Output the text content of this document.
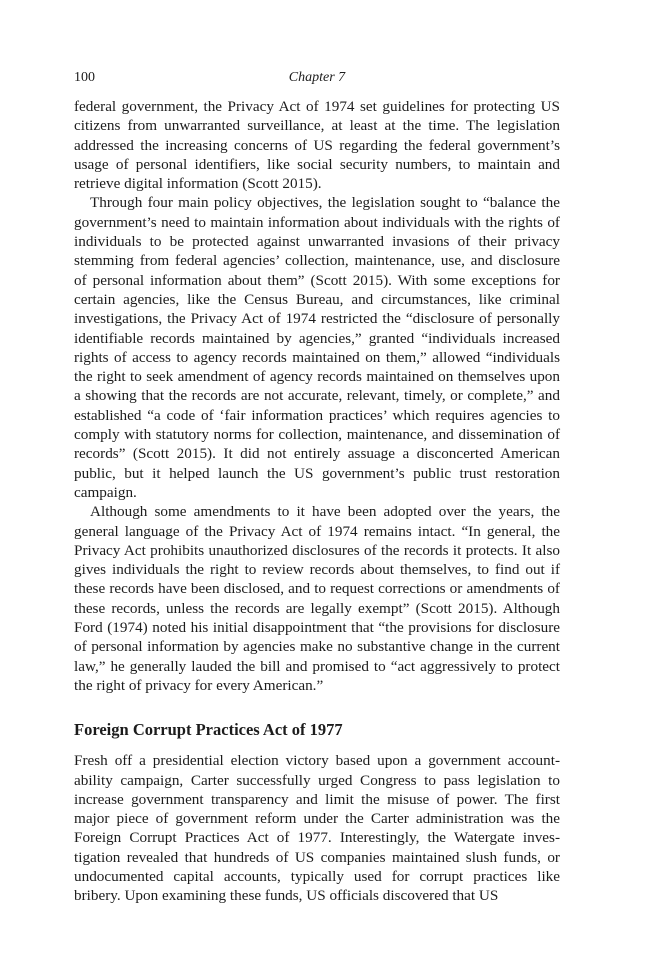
100	Chapter 7

federal government, the Privacy Act of 1974 set guidelines for protecting US citizens from unwarranted surveillance, at least at the time. The legislation addressed the increasing concerns of US regarding the federal government’s usage of personal identifiers, like social security numbers, to maintain and retrieve digital information (Scott 2015).

Through four main policy objectives, the legislation sought to “balance the government’s need to maintain information about individuals with the rights of individuals to be protected against unwarranted invasions of their privacy stemming from federal agencies’ collection, maintenance, use, and disclosure of personal information about them” (Scott 2015). With some exceptions for certain agencies, like the Census Bureau, and circumstances, like criminal investigations, the Privacy Act of 1974 restricted the “disclosure of personally identifiable records maintained by agencies,” granted “individuals increased rights of access to agency records maintained on them,” allowed “individuals the right to seek amendment of agency records maintained on themselves upon a showing that the records are not accurate, relevant, timely, or complete,” and established “a code of ‘fair information practices’ which requires agencies to comply with statutory norms for collection, maintenance, and dissemination of records” (Scott 2015). It did not entirely assuage a disconcerted American public, but it helped launch the US government’s public trust restoration campaign.

Although some amendments to it have been adopted over the years, the general language of the Privacy Act of 1974 remains intact. “In general, the Privacy Act prohibits unauthorized disclosures of the records it protects. It also gives individuals the right to review records about themselves, to find out if these records have been disclosed, and to request corrections or amendments of these records, unless the records are legally exempt” (Scott 2015). Although Ford (1974) noted his initial disappointment that “the provisions for disclosure of personal information by agencies make no substantive change in the current law,” he generally lauded the bill and promised to “act aggressively to protect the right of privacy for every American.”

Foreign Corrupt Practices Act of 1977

Fresh off a presidential election victory based upon a government accountability campaign, Carter successfully urged Congress to pass legislation to increase government transparency and limit the misuse of power. The first major piece of government reform under the Carter administration was the Foreign Corrupt Practices Act of 1977. Interestingly, the Watergate investigation revealed that hundreds of US companies maintained slush funds, or undocumented capital accounts, typically used for corrupt practices like bribery. Upon examining these funds, US officials discovered that US
